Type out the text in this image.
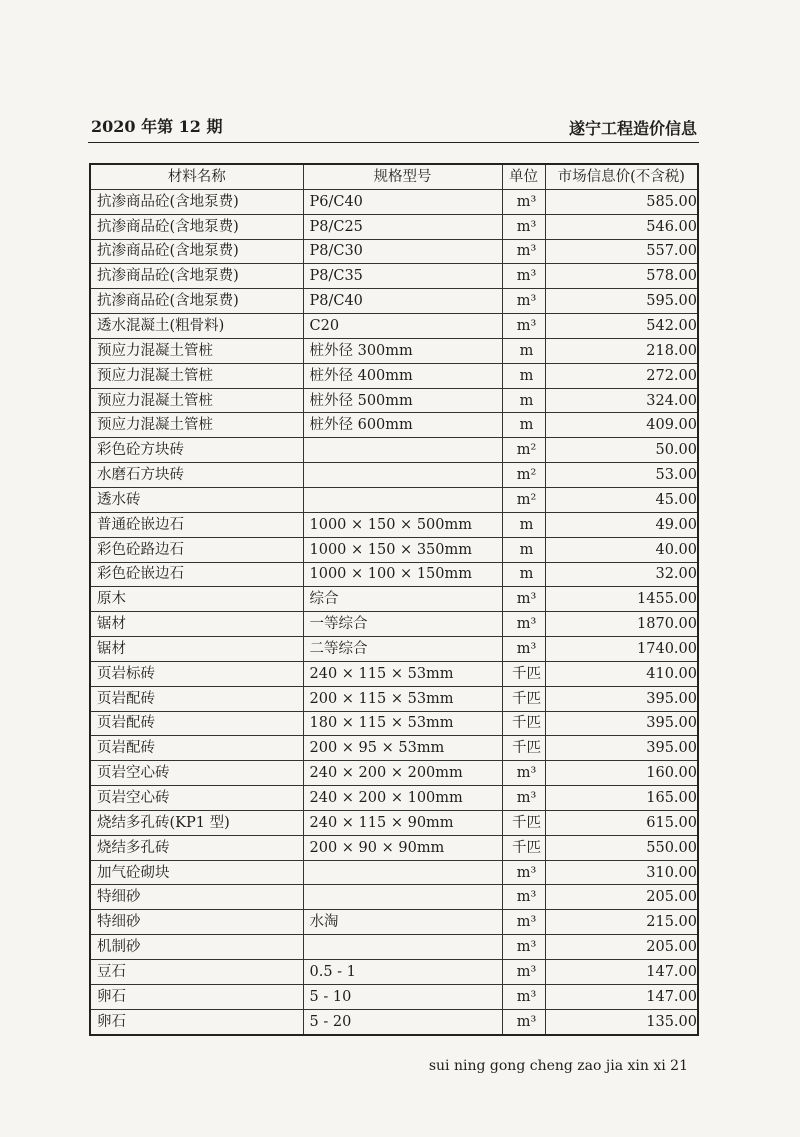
2020 年第 12 期	遂宁工程造价信息
材料名称	规格型号	单位	市场信息价(不含税)
抗渗商品砼(含地泵费)	P6/C40	m³	585.00
抗渗商品砼(含地泵费)	P8/C25	m³	546.00
抗渗商品砼(含地泵费)	P8/C30	m³	557.00
抗渗商品砼(含地泵费)	P8/C35	m³	578.00
抗渗商品砼(含地泵费)	P8/C40	m³	595.00
透水混凝土(粗骨料)	C20	m³	542.00
预应力混凝土管桩	桩外径 300mm	m	218.00
预应力混凝土管桩	桩外径 400mm	m	272.00
预应力混凝土管桩	桩外径 500mm	m	324.00
预应力混凝土管桩	桩外径 600mm	m	409.00
彩色砼方块砖		m²	50.00
水磨石方块砖		m²	53.00
透水砖		m²	45.00
普通砼嵌边石	1000 × 150 × 500mm	m	49.00
彩色砼路边石	1000 × 150 × 350mm	m	40.00
彩色砼嵌边石	1000 × 100 × 150mm	m	32.00
原木	综合	m³	1455.00
锯材	一等综合	m³	1870.00
锯材	二等综合	m³	1740.00
页岩标砖	240 × 115 × 53mm	千匹	410.00
页岩配砖	200 × 115 × 53mm	千匹	395.00
页岩配砖	180 × 115 × 53mm	千匹	395.00
页岩配砖	200 × 95 × 53mm	千匹	395.00
页岩空心砖	240 × 200 × 200mm	m³	160.00
页岩空心砖	240 × 200 × 100mm	m³	165.00
烧结多孔砖(KP1 型)	240 × 115 × 90mm	千匹	615.00
烧结多孔砖	200 × 90 × 90mm	千匹	550.00
加气砼砌块		m³	310.00
特细砂		m³	205.00
特细砂	水淘	m³	215.00
机制砂		m³	205.00
豆石	0.5 - 1	m³	147.00
卵石	5 - 10	m³	147.00
卵石	5 - 20	m³	135.00
sui ning gong cheng zao jia xin xi 21
